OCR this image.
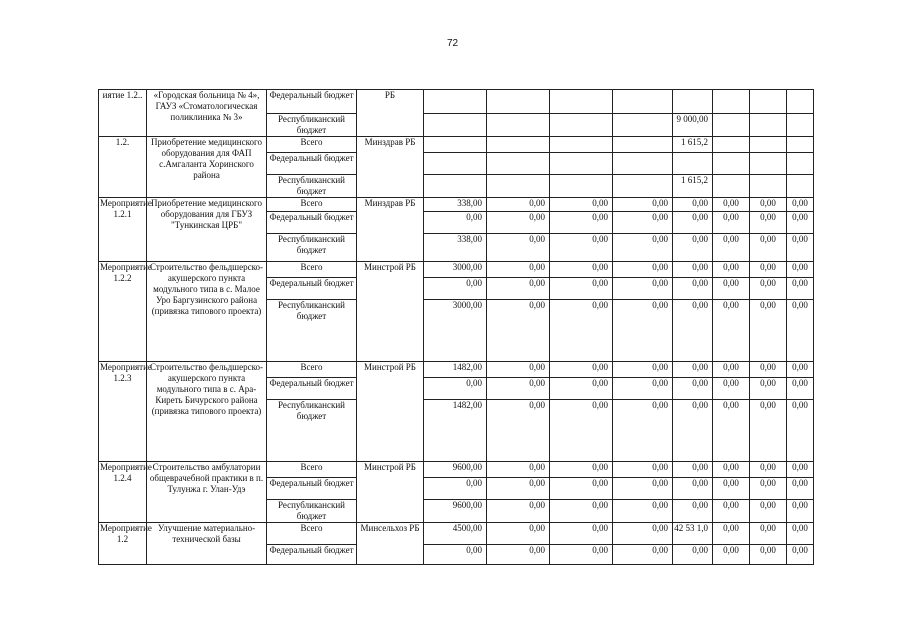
72
иятие 1.2..	«Городская больница № 4», ГАУЗ «Стоматологическая поликлиника № 3»	Федеральный бюджет	РБ									
		Республиканский бюджет						9 000,00				
1.2.	Приобретение медицинского оборудования для ФАП с.Амгаланта Хоринского района	Всего	Минздрав РБ					1 615,2				
		Федеральный бюджет										
		Республиканский бюджет						1 615,2				
Мероприятие 1.2.1	Приобретение медицинского оборудования для ГБУЗ "Тункинская ЦРБ"	Всего	Минздрав РБ	338,00	0,00	0,00	0,00	0,00	0,00	0,00	0,00	
		Федеральный бюджет		0,00	0,00	0,00	0,00	0,00	0,00	0,00	0,00	
		Республиканский бюджет		338,00	0,00	0,00	0,00	0,00	0,00	0,00	0,00	
Мероприятие 1.2.2	Строительство фельдшерско-акушерского пункта модульного типа в с. Малое Уро Баргузинского района (привязка типового проекта)	Всего	Минстрой РБ	3000,00	0,00	0,00	0,00	0,00	0,00	0,00	0,00	
		Федеральный бюджет		0,00	0,00	0,00	0,00	0,00	0,00	0,00	0,00	
		Республиканский бюджет		3000,00	0,00	0,00	0,00	0,00	0,00	0,00	0,00	
Мероприятие 1.2.3	Строительство фельдшерско-акушерского пункта модульного типа в с. Ара-Киреть Бичурского района (привязка типового проекта)	Всего	Минстрой РБ	1482,00	0,00	0,00	0,00	0,00	0,00	0,00	0,00	
		Федеральный бюджет		0,00	0,00	0,00	0,00	0,00	0,00	0,00	0,00	
		Республиканский бюджет		1482,00	0,00	0,00	0,00	0,00	0,00	0,00	0,00	
Мероприятие 1.2.4	Строительство амбулатории общеврачебной практики в п. Тулунжа г. Улан-Удэ	Всего	Минстрой РБ	9600,00	0,00	0,00	0,00	0,00	0,00	0,00	0,00	
		Федеральный бюджет		0,00	0,00	0,00	0,00	0,00	0,00	0,00	0,00	
		Республиканский бюджет		9600,00	0,00	0,00	0,00	0,00	0,00	0,00	0,00	
Мероприятие 1.2	Улучшение материально-технической базы	Всего	Минсельхоз РБ	4500,00	0,00	0,00	0,00	42 53 1,0	0,00	0,00	0,00	
		Федеральный бюджет		0,00	0,00	0,00	0,00	0,00	0,00	0,00	0,00	
